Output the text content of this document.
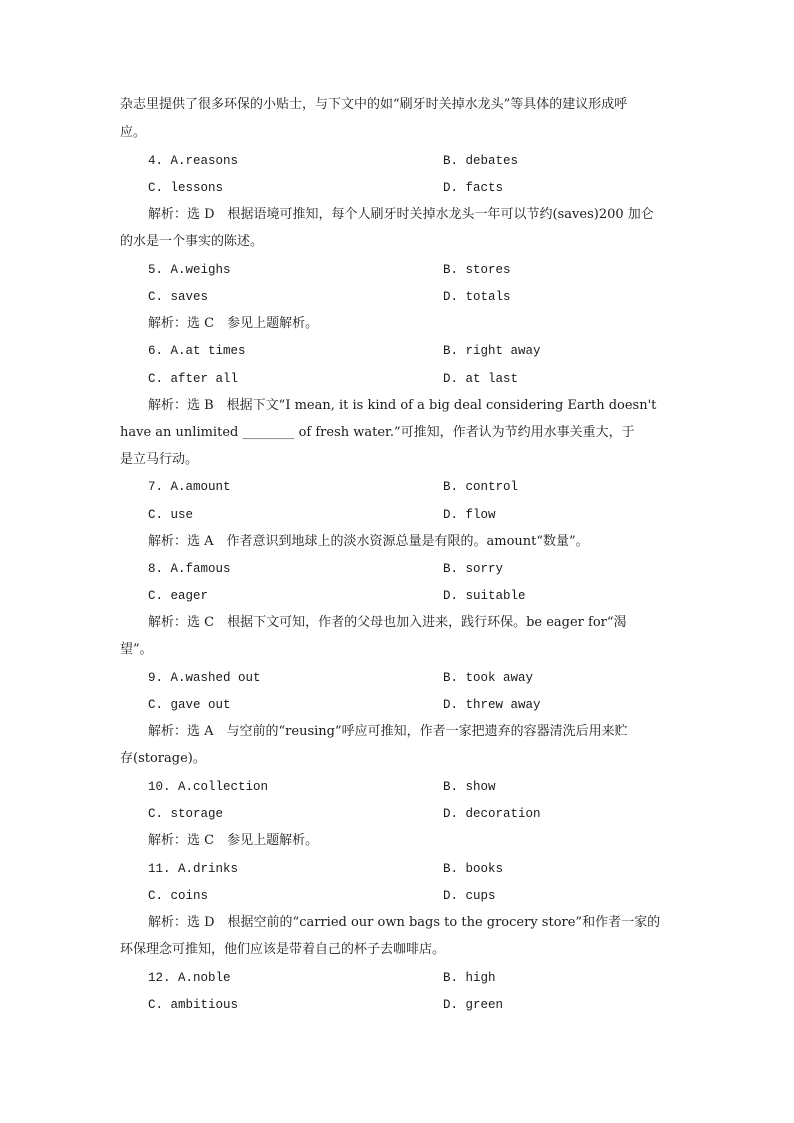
杂志里提供了很多环保的小贴士，与下文中的如“刷牙时关掉水龙头”等具体的建议形成呼
应。
4. A.reasons	B. debates
C. lessons	D. facts
解析：选 D　根据语境可推知，每个人刷牙时关掉水龙头一年可以节约(saves)200 加仑
的水是一个事实的陈述。
5. A.weighs	B. stores
C. saves	D. totals
解析：选 C　参见上题解析。
6. A.at times	B. right away
C. after all	D. at last
解析：选 B　根据下文“I mean, it is kind of a big deal considering Earth doesn't
have an unlimited ________ of fresh water.”可推知，作者认为节约用水事关重大，于
是立马行动。
7. A.amount	B. control
C. use	D. flow
解析：选 A　作者意识到地球上的淡水资源总量是有限的。amount“数量”。
8. A.famous	B. sorry
C. eager	D. suitable
解析：选 C　根据下文可知，作者的父母也加入进来，践行环保。be eager for“渴
望”。
9. A.washed out	B. took away
C. gave out	D. threw away
解析：选 A　与空前的“reusing”呼应可推知，作者一家把遗弃的容器清洗后用来贮
存(storage)。
10. A.collection	B. show
C. storage	D. decoration
解析：选 C　参见上题解析。
11. A.drinks	B. books
C. coins	D. cups
解析：选 D　根据空前的“carried our own bags to the grocery store”和作者一家的
环保理念可推知，他们应该是带着自己的杯子去咖啡店。
12. A.noble	B. high
C. ambitious	D. green
